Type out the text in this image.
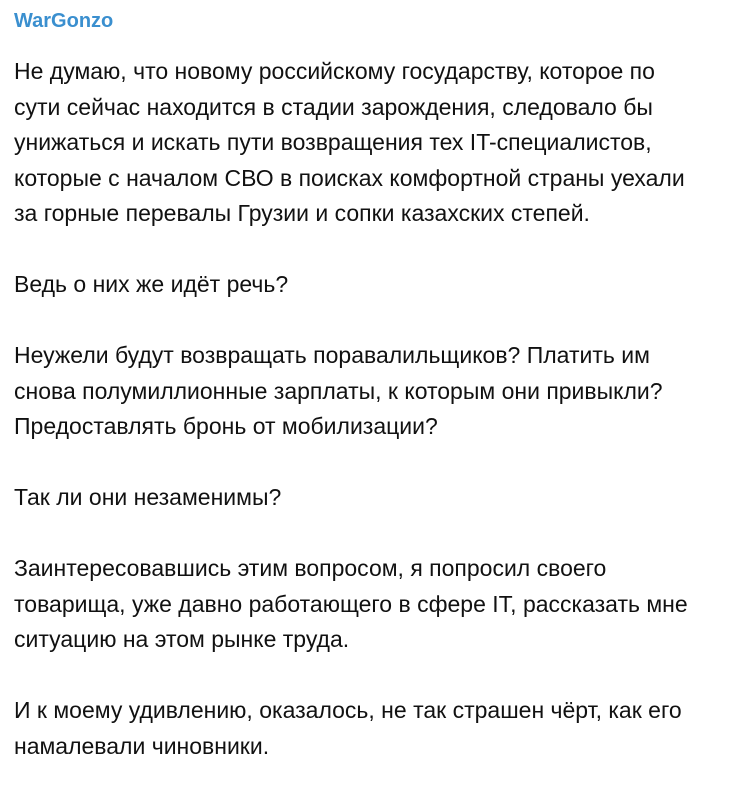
WarGonzo

Не думаю, что новому российскому государству, которое по
сути сейчас находится в стадии зарождения, следовало бы
унижаться и искать пути возвращения тех IT-специалистов,
которые с началом СВО в поисках комфортной страны уехали
за горные перевалы Грузии и сопки казахских степей.

Ведь о них же идёт речь?

Неужели будут возвращать поравалильщиков? Платить им
снова полумиллионные зарплаты, к которым они привыкли?
Предоставлять бронь от мобилизации?

Так ли они незаменимы?

Заинтересовавшись этим вопросом, я попросил своего
товарища, уже давно работающего в сфере IT, рассказать мне
ситуацию на этом рынке труда.

И к моему удивлению, оказалось, не так страшен чёрт, как его
намалевали чиновники.
